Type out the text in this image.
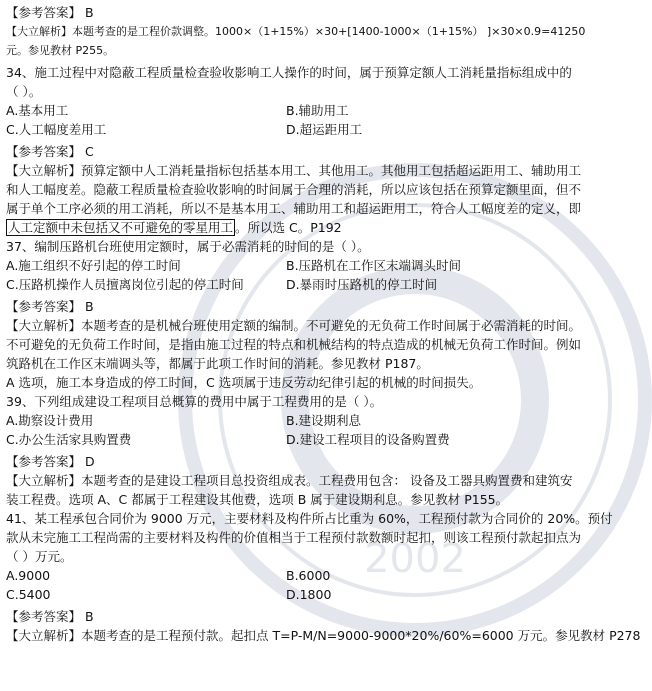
2002
【参考答案】 B
【大立解析】本题考查的是工程价款调整。1000×（1+15%）×30+[1400-1000×（1+15%） ]×30×0.9=41250
元。参见教材 P255。
34、施工过程中对隐蔽工程质量检查验收影响工人操作的时间，属于预算定额人工消耗量指标组成中的
（ ）。
A.基本用工	B.辅助用工
C.人工幅度差用工	D.超运距用工
【参考答案】 C
【大立解析】预算定额中人工消耗量指标包括基本用工、其他用工。其他用工包括超运距用工、辅助用工
和人工幅度差。隐蔽工程质量检查验收影响的时间属于合理的消耗，所以应该包括在预算定额里面，但不
属于单个工序必须的用工消耗，所以不是基本用工、辅助用工和超运距用工，符合人工幅度差的定义，即
人工定额中未包括又不可避免的零星用工 。所以选 C。P192
37、编制压路机台班使用定额时，属于必需消耗的时间的是（ ）。
A.施工组织不好引起的停工时间	B.压路机在工作区末端调头时间
C.压路机操作人员擅离岗位引起的停工时间	D.暴雨时压路机的停工时间
【参考答案】 B
【大立解析】本题考查的是机械台班使用定额的编制。不可避免的无负荷工作时间属于必需消耗的时间。
不可避免的无负荷工作时间，是指由施工过程的特点和机械结构的特点造成的机械无负荷工作时间。例如
筑路机在工作区末端调头等，都属于此项工作时间的消耗。参见教材 P187。
A 选项，施工本身造成的停工时间，C 选项属于违反劳动纪律引起的机械的时间损失。
39、下列组成建设工程项目总概算的费用中属于工程费用的是（ ）。
A.勘察设计费用	B.建设期利息
C.办公生活家具购置费	D.建设工程项目的设备购置费
【参考答案】 D
【大立解析】本题考查的是建设工程项目总投资组成表。工程费用包含： 设备及工器具购置费和建筑安
装工程费。选项 A、C 都属于工程建设其他费，选项 B 属于建设期利息。参见教材 P155。
41、某工程承包合同价为 9000 万元，主要材料及构件所占比重为 60%，工程预付款为合同价的 20%。预付
款从未完施工工程尚需的主要材料及构件的价值相当于工程预付款数额时起扣，则该工程预付款起扣点为
（ ）万元。
A.9000	B.6000
C.5400	D.1800
【参考答案】 B
【大立解析】本题考查的是工程预付款。起扣点 T=P-M/N=9000-9000*20%/60%=6000 万元。参见教材 P278
